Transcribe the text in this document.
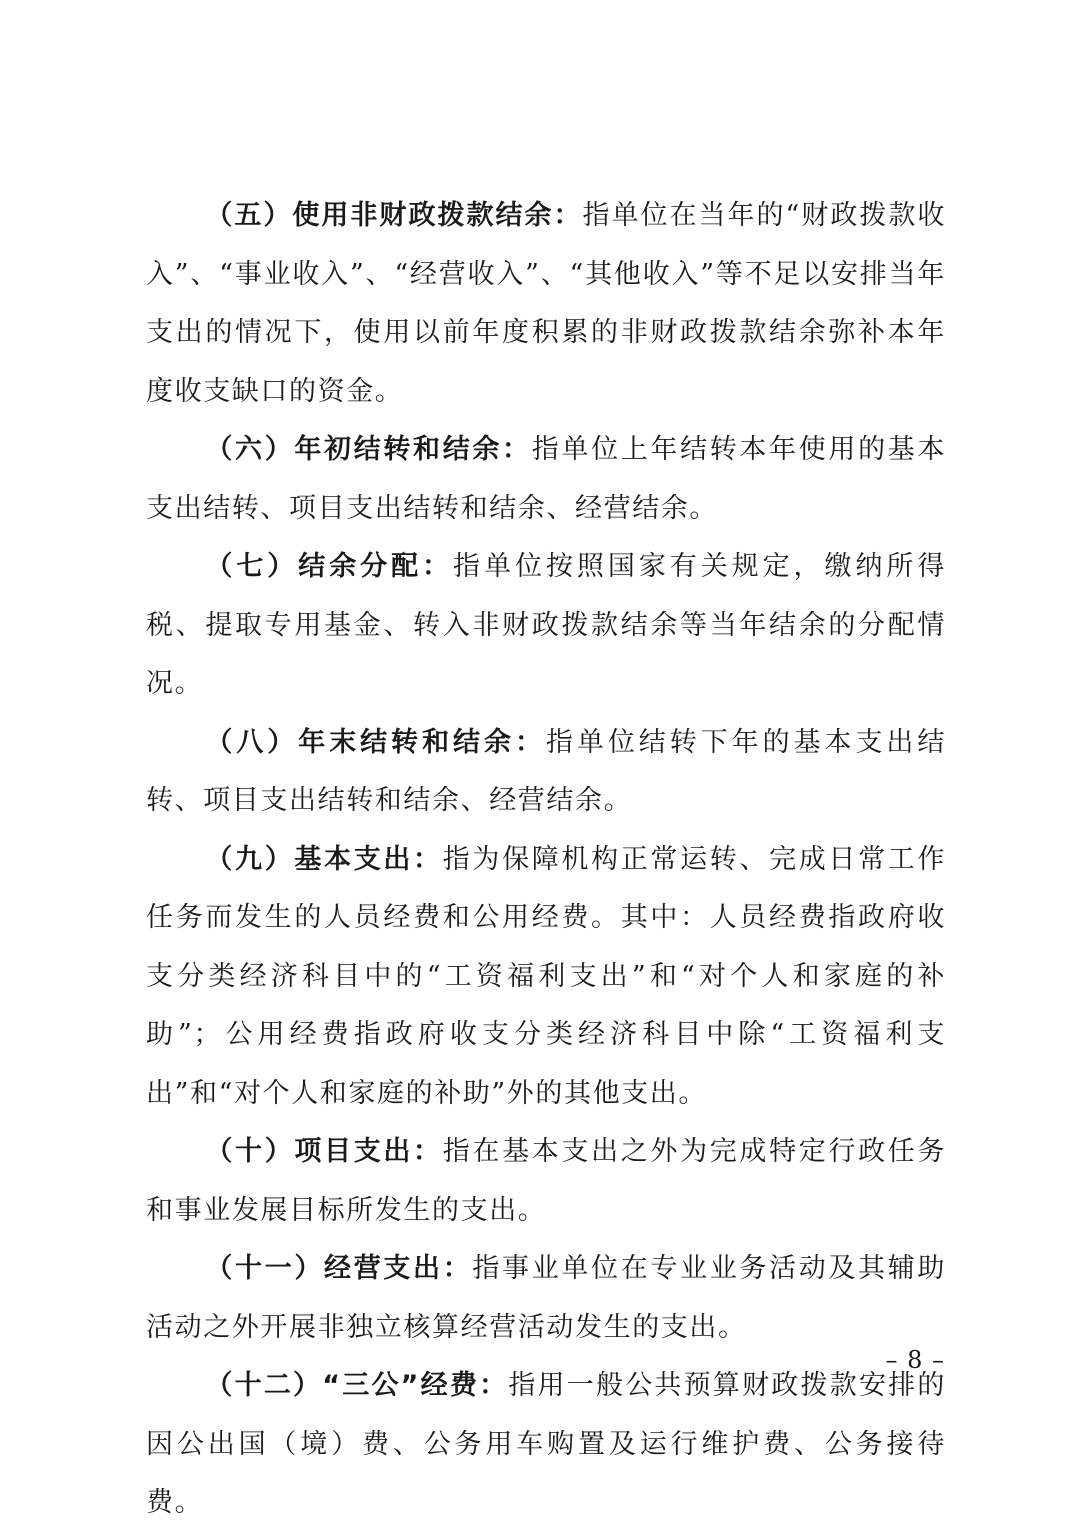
（五）使用非财政拨款结余：指单位在当年的“财政拨款收入”、“事业收入”、“经营收入”、“其他收入”等不足以安排当年支出的情况下，使用以前年度积累的非财政拨款结余弥补本年度收支缺口的资金。

（六）年初结转和结余：指单位上年结转本年使用的基本支出结转、项目支出结转和结余、经营结余。

（七）结余分配：指单位按照国家有关规定，缴纳所得税、提取专用基金、转入非财政拨款结余等当年结余的分配情况。

（八）年末结转和结余：指单位结转下年的基本支出结转、项目支出结转和结余、经营结余。

（九）基本支出：指为保障机构正常运转、完成日常工作任务而发生的人员经费和公用经费。其中：人员经费指政府收支分类经济科目中的“工资福利支出”和“对个人和家庭的补助”；公用经费指政府收支分类经济科目中除“工资福利支出”和“对个人和家庭的补助”外的其他支出。

（十）项目支出：指在基本支出之外为完成特定行政任务和事业发展目标所发生的支出。

（十一）经营支出：指事业单位在专业业务活动及其辅助活动之外开展非独立核算经营活动发生的支出。

（十二）“三公”经费：指用一般公共预算财政拨款安排的因公出国（境）费、公务用车购置及运行维护费、公务接待费。

– 8 –
